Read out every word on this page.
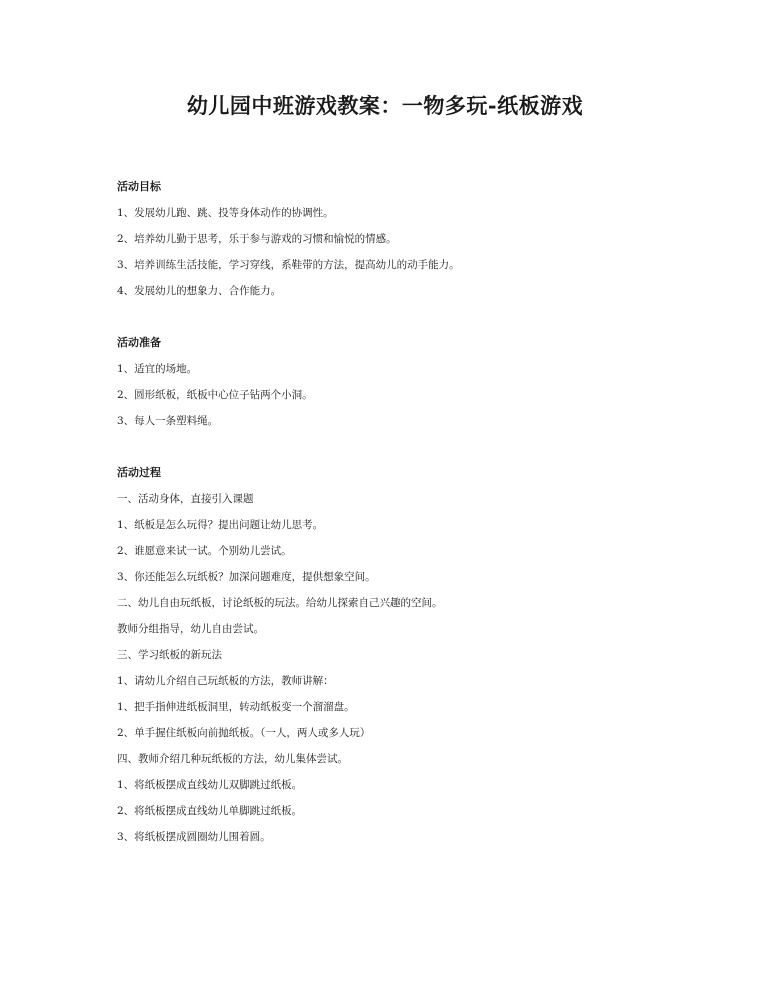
幼儿园中班游戏教案：一物多玩-纸板游戏

活动目标

1、发展幼儿跑、跳、投等身体动作的协调性。

2、培养幼儿勤于思考，乐于参与游戏的习惯和愉悦的情感。

3、培养训练生活技能，学习穿线，系鞋带的方法，提高幼儿的动手能力。

4、发展幼儿的想象力、合作能力。

活动准备

1、适宜的场地。

2、圆形纸板，纸板中心位子钻两个小洞。

3、每人一条塑料绳。

活动过程

一、活动身体，直接引入课题

1、纸板是怎么玩得？提出问题让幼儿思考。

2、谁愿意来试一试。个别幼儿尝试。

3、你还能怎么玩纸板？加深问题难度，提供想象空间。

二、幼儿自由玩纸板，讨论纸板的玩法。给幼儿探索自己兴趣的空间。

教师分组指导，幼儿自由尝试。

三、学习纸板的新玩法

1、请幼儿介绍自己玩纸板的方法，教师讲解：

1、把手指伸进纸板洞里，转动纸板变一个溜溜盘。

2、单手握住纸板向前抛纸板。（一人，两人或多人玩）

四、教师介绍几种玩纸板的方法，幼儿集体尝试。

1、将纸板摆成直线幼儿双脚跳过纸板。

2、将纸板摆成直线幼儿单脚跳过纸板。

3、将纸板摆成圆圈幼儿围着圆。
